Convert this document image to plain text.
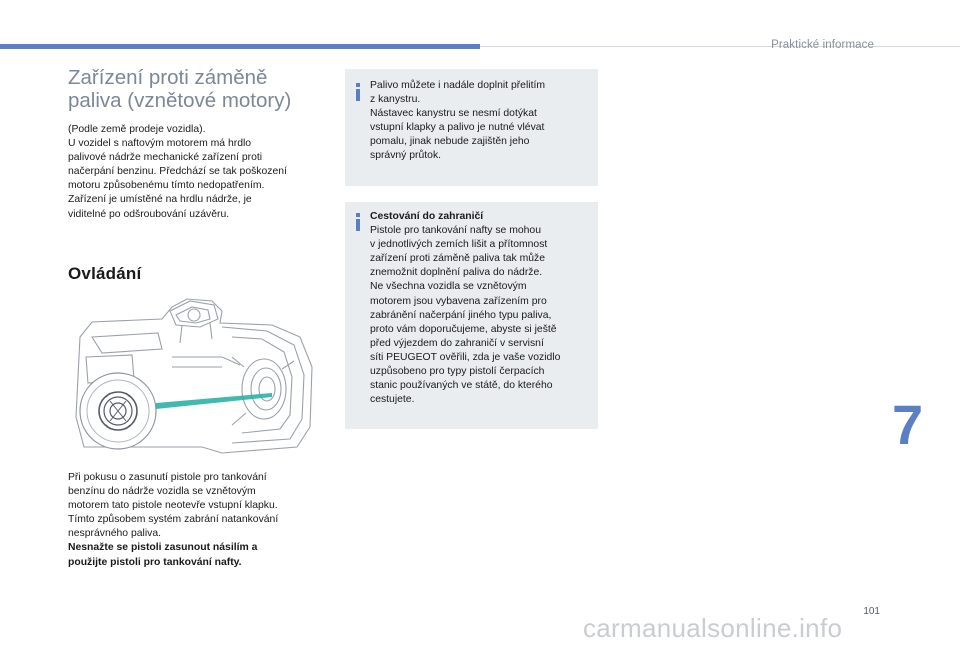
Praktické informace
Zařízení proti záměně
paliva (vznětové motory)
(Podle země prodeje vozidla).
U vozidel s naftovým motorem má hrdlo
palivové nádrže mechanické zařízení proti
načerpání benzinu. Předchází se tak poškození
motoru způsobenému tímto nedopatřením.
Zařízení je umístěné na hrdlu nádrže, je
viditelné po odšroubování uzávěru.
Ovládání
Při pokusu o zasunutí pistole pro tankování
benzínu do nádrže vozidla se vznětovým
motorem tato pistole neotevře vstupní klapku.
Tímto způsobem systém zabrání natankování
nesprávného paliva.
Nesnažte se pistoli zasunout násilím a
použijte pistoli pro tankování nafty.
Palivo můžete i nadále doplnit přelitím
z kanystru.
Nástavec kanystru se nesmí dotýkat
vstupní klapky a palivo je nutné vlévat
pomalu, jinak nebude zajištěn jeho
správný průtok.
Cestování do zahraničí
Pistole pro tankování nafty se mohou
v jednotlivých zemích lišit a přítomnost
zařízení proti záměně paliva tak může
znemožnit doplnění paliva do nádrže.
Ne všechna vozidla se vznětovým
motorem jsou vybavena zařízením pro
zabránění načerpání jiného typu paliva,
proto vám doporučujeme, abyste si ještě
před výjezdem do zahraničí v servisní
síti PEUGEOT ověřili, zda je vaše vozidlo
uzpůsobeno pro typy pistolí čerpacích
stanic používaných ve státě, do kterého
cestujete.	7
101
carmanualsonline.info
